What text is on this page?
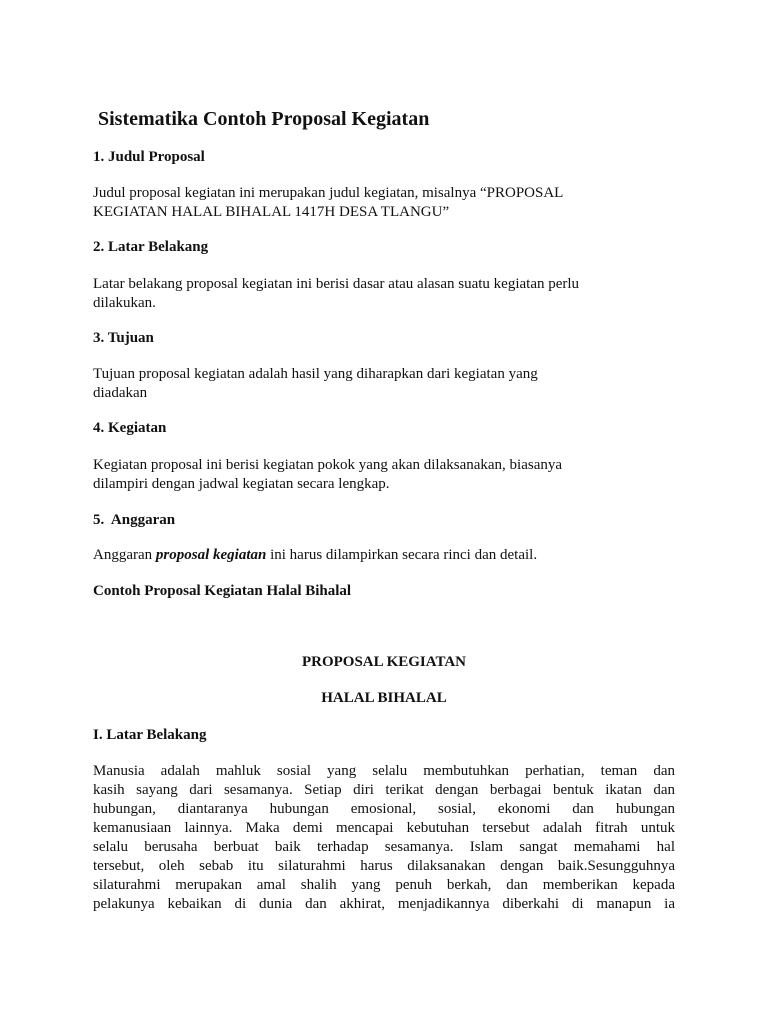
Sistematika Contoh Proposal Kegiatan

1. Judul Proposal

Judul proposal kegiatan ini merupakan judul kegiatan, misalnya “PROPOSAL

KEGIATAN HALAL BIHALAL 1417H DESA TLANGU”

2. Latar Belakang

Latar belakang proposal kegiatan ini berisi dasar atau alasan suatu kegiatan perlu

dilakukan.

3. Tujuan

Tujuan proposal kegiatan adalah hasil yang diharapkan dari kegiatan yang

diadakan

4. Kegiatan

Kegiatan proposal ini berisi kegiatan pokok yang akan dilaksanakan, biasanya

dilampiri dengan jadwal kegiatan secara lengkap.

5.  Anggaran

Anggaran proposal kegiatan ini harus dilampirkan secara rinci dan detail.

Contoh Proposal Kegiatan Halal Bihalal

PROPOSAL KEGIATAN

HALAL BIHALAL

I. Latar Belakang

Manusia adalah mahluk sosial yang selalu membutuhkan perhatian, teman dan
kasih sayang dari sesamanya. Setiap diri terikat dengan berbagai bentuk ikatan dan
hubungan, diantaranya hubungan emosional, sosial, ekonomi dan hubungan
kemanusiaan lainnya. Maka demi mencapai kebutuhan tersebut adalah fitrah untuk
selalu berusaha berbuat baik terhadap sesamanya. Islam sangat memahami hal
tersebut, oleh sebab itu silaturahmi harus dilaksanakan dengan baik.Sesungguhnya
silaturahmi merupakan amal shalih yang penuh berkah, dan memberikan kepada
pelakunya kebaikan di dunia dan akhirat, menjadikannya diberkahi di manapun ia
